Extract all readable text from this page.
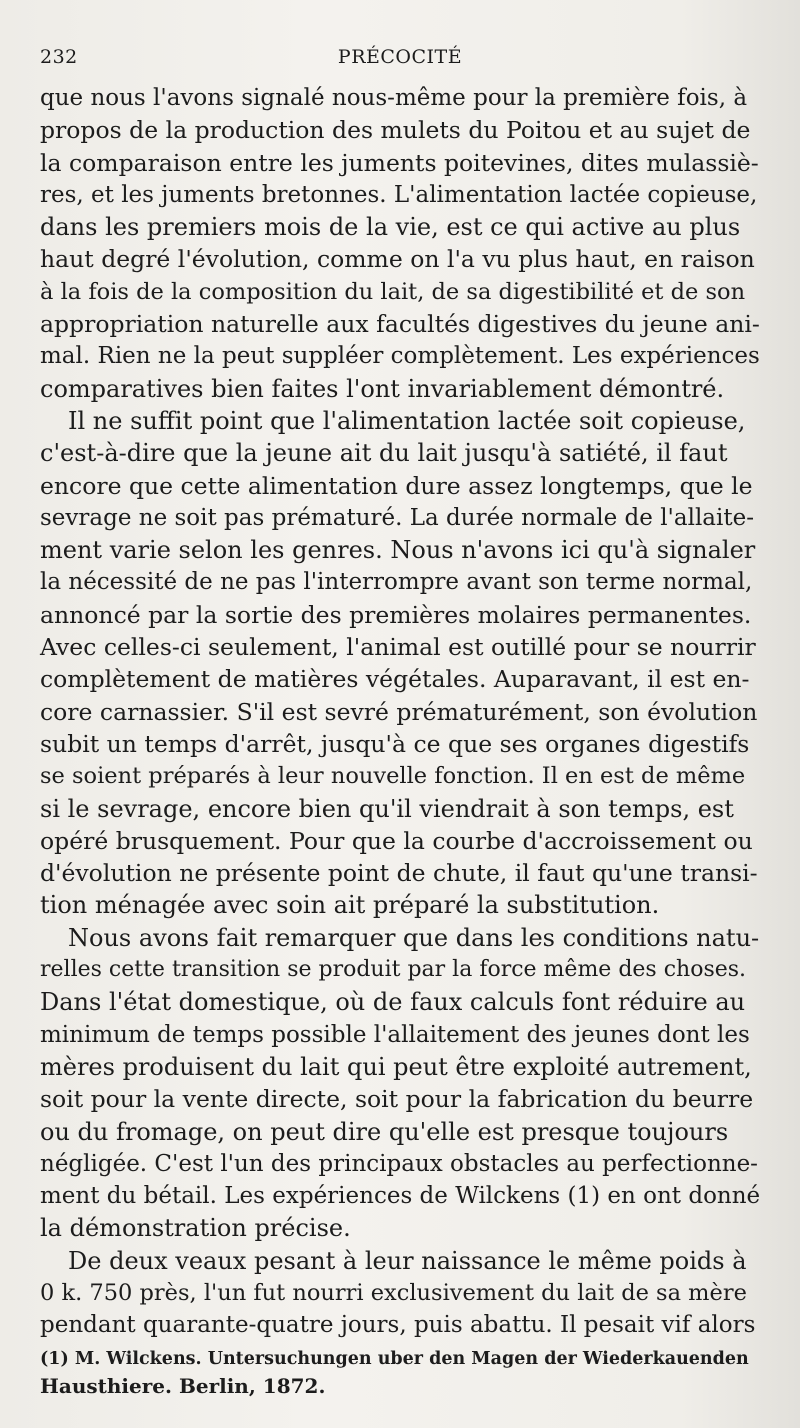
232	PRÉCOCITÉ
que nous l'avons signalé nous-même pour la première fois, à
propos de la production des mulets du Poitou et au sujet de
la comparaison entre les juments poitevines, dites mulassiè-
res, et les juments bretonnes. L'alimentation lactée copieuse,
dans les premiers mois de la vie, est ce qui active au plus
haut degré l'évolution, comme on l'a vu plus haut, en raison
à la fois de la composition du lait, de sa digestibilité et de son
appropriation naturelle aux facultés digestives du jeune ani-
mal. Rien ne la peut suppléer complètement. Les expériences
comparatives bien faites l'ont invariablement démontré.
Il ne suffit point que l'alimentation lactée soit copieuse,
c'est-à-dire que la jeune ait du lait jusqu'à satiété, il faut
encore que cette alimentation dure assez longtemps, que le
sevrage ne soit pas prématuré. La durée normale de l'allaite-
ment varie selon les genres. Nous n'avons ici qu'à signaler
la nécessité de ne pas l'interrompre avant son terme normal,
annoncé par la sortie des premières molaires permanentes.
Avec celles-ci seulement, l'animal est outillé pour se nourrir
complètement de matières végétales. Auparavant, il est en-
core carnassier. S'il est sevré prématurément, son évolution
subit un temps d'arrêt, jusqu'à ce que ses organes digestifs
se soient préparés à leur nouvelle fonction. Il en est de même
si le sevrage, encore bien qu'il viendrait à son temps, est
opéré brusquement. Pour que la courbe d'accroissement ou
d'évolution ne présente point de chute, il faut qu'une transi-
tion ménagée avec soin ait préparé la substitution.
Nous avons fait remarquer que dans les conditions natu-
relles cette transition se produit par la force même des choses.
Dans l'état domestique, où de faux calculs font réduire au
minimum de temps possible l'allaitement des jeunes dont les
mères produisent du lait qui peut être exploité autrement,
soit pour la vente directe, soit pour la fabrication du beurre
ou du fromage, on peut dire qu'elle est presque toujours
négligée. C'est l'un des principaux obstacles au perfectionne-
ment du bétail. Les expériences de Wilckens (1) en ont donné
la démonstration précise.
De deux veaux pesant à leur naissance le même poids à
0 k. 750 près, l'un fut nourri exclusivement du lait de sa mère
pendant quarante-quatre jours, puis abattu. Il pesait vif alors
(1) M. Wilckens. Untersuchungen uber den Magen der Wiederkauenden
Hausthiere. Berlin, 1872.
